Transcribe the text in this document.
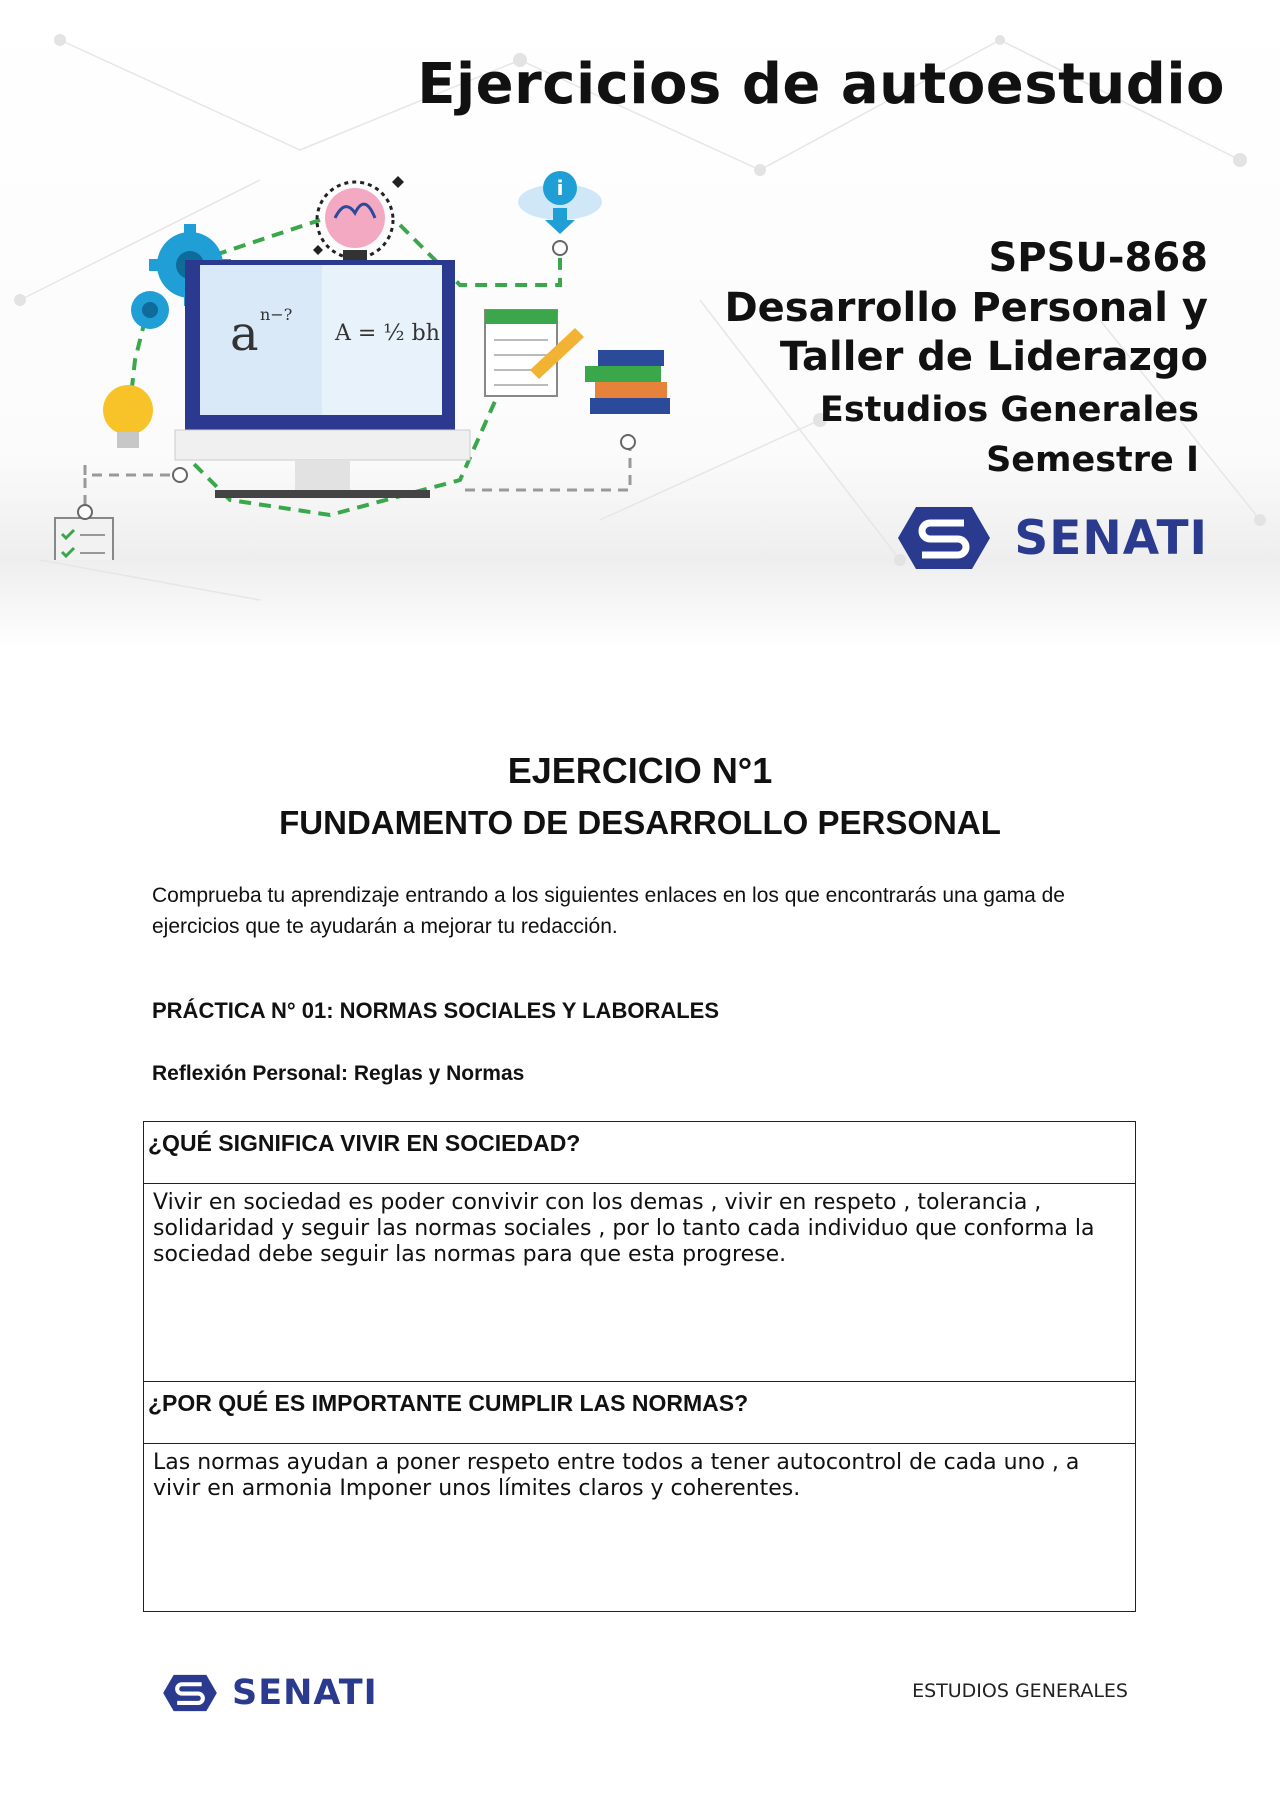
Ejercicios de autoestudio
i
a n−?
A = ½ bh
SPSU-868
Desarrollo Personal y
Taller de Liderazgo
Estudios Generales
Semestre I
SENATI
EJERCICIO N°1
FUNDAMENTO DE DESARROLLO PERSONAL

Comprueba tu aprendizaje entrando a los siguientes enlaces en los que encontrarás una gama de ejercicios que te ayudarán a mejorar tu redacción.

PRÁCTICA N° 01: NORMAS SOCIALES Y LABORALES

Reflexión Personal: Reglas y Normas

¿QUÉ SIGNIFICA VIVIR EN SOCIEDAD?
Vivir en sociedad es poder convivir con los demas , vivir en respeto , tolerancia , solidaridad y seguir las normas sociales , por lo tanto cada individuo que conforma la sociedad debe seguir las normas para que esta progrese.
¿POR QUÉ ES IMPORTANTE CUMPLIR LAS NORMAS?
Las normas ayudan a poner respeto entre todos a tener autocontrol de cada uno , a vivir en armonia Imponer unos límites claros y coherentes.
SENATI	ESTUDIOS GENERALES
